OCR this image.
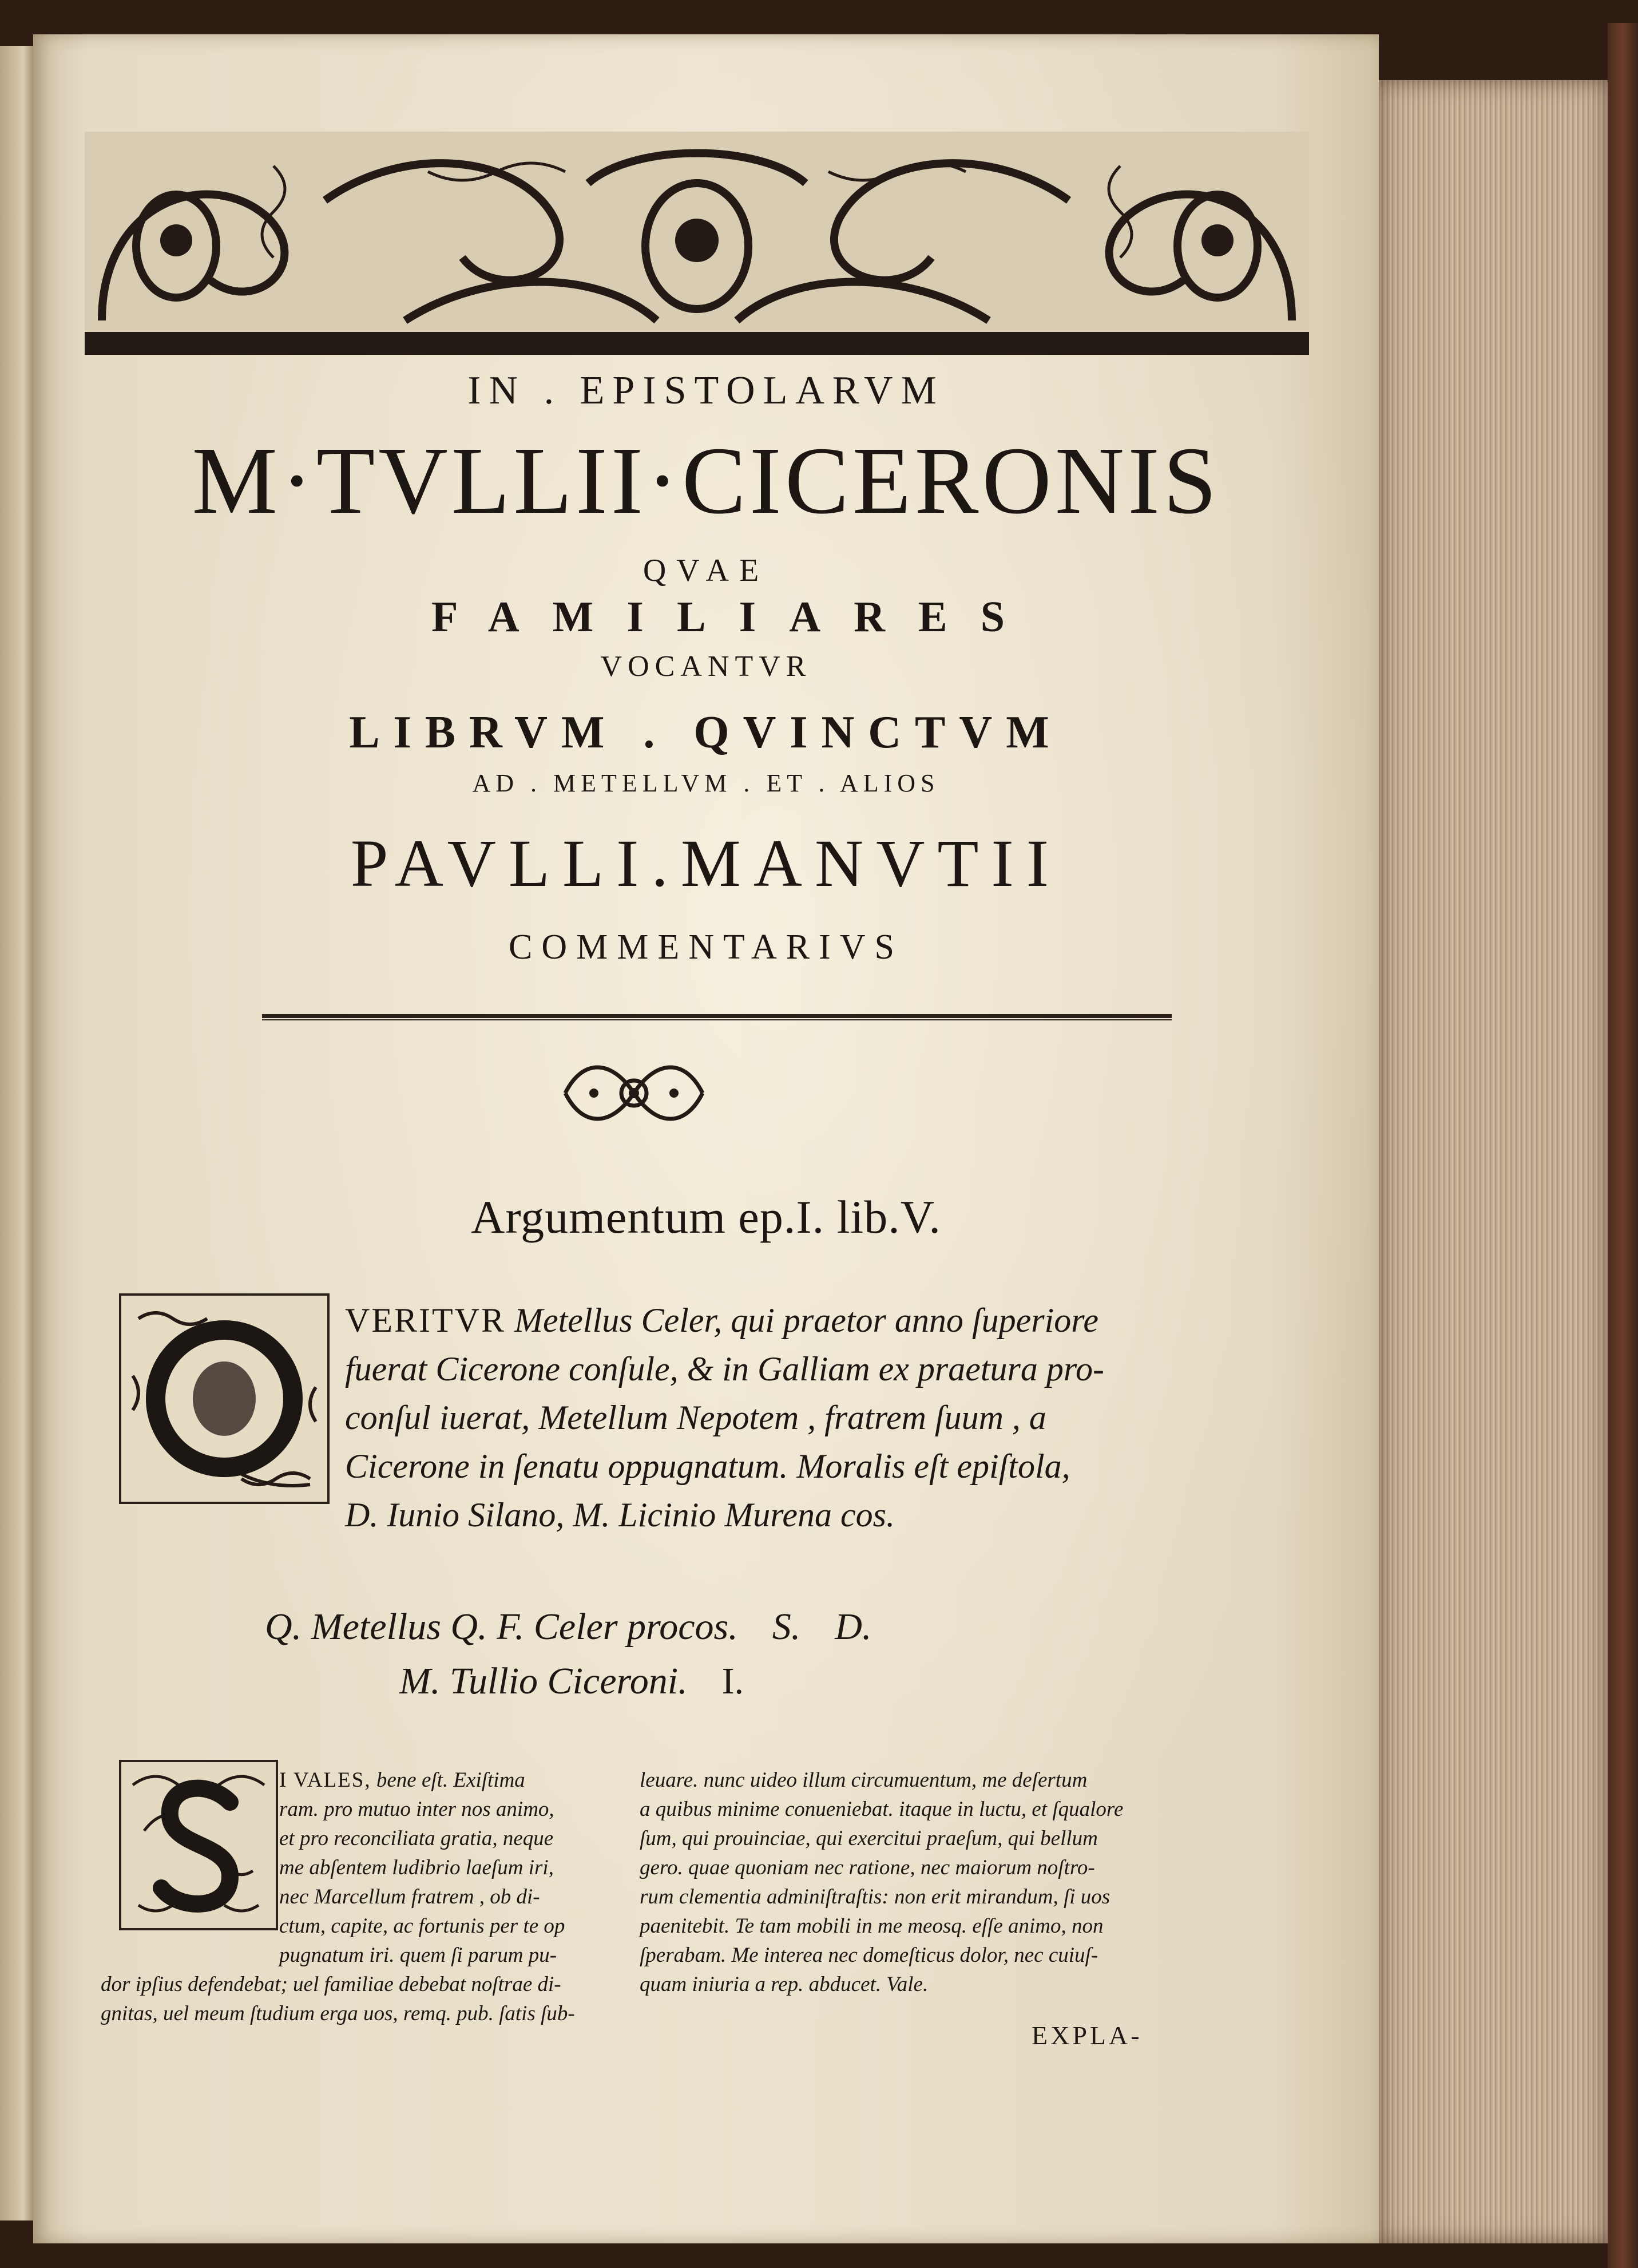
IN . EPISTOLARVM
M·TVLLII·CICERONIS
QVAE
FAMILIARES
VOCANTVR
LIBRVM . QVINCTVM
AD . METELLVM . ET . ALIOS
PAVLLI.MANVTII
COMMENTARIVS
Argumentum ep.I. lib.V.
Q
VERITVR Metellus Celer, qui praetor anno ſuperiore
fuerat Cicerone conſule, & in Galliam ex praetura pro-
conſul iuerat, Metellum Nepotem , fratrem ſuum , a
Cicerone in ſenatu oppugnatum. Moralis eſt epiſtola,
D. Iunio Silano, M. Licinio Murena cos.
Q. Metellus Q. F. Celer procos. S. D.
M. Tullio Ciceroni. I.
S
I VALES, bene eſt. Exiſtima
ram. pro mutuo inter nos animo,
et pro reconciliata gratia, neque
me abſentem ludibrio laeſum iri,
nec Marcellum fratrem , ob di-
ctum, capite, ac fortunis per te op
pugnatum iri. quem ſi parum pu-
dor ipſius defendebat; uel familiae debebat noſtrae di-
gnitas, uel meum ſtudium erga uos, remq. pub. ſatis ſub-
leuare. nunc uideo illum circumuentum, me deſertum
a quibus minime conueniebat. itaque in luctu, et ſqualore
ſum, qui prouinciae, qui exercitui praeſum, qui bellum
gero. quae quoniam nec ratione, nec maiorum noſtro-
rum clementia adminiſtraſtis: non erit mirandum, ſi uos
paenitebit. Te tam mobili in me meosq. eſſe animo, non
ſperabam. Me interea nec domeſticus dolor, nec cuiuſ-
quam iniuria a rep. abducet. Vale.
EXPLA-
